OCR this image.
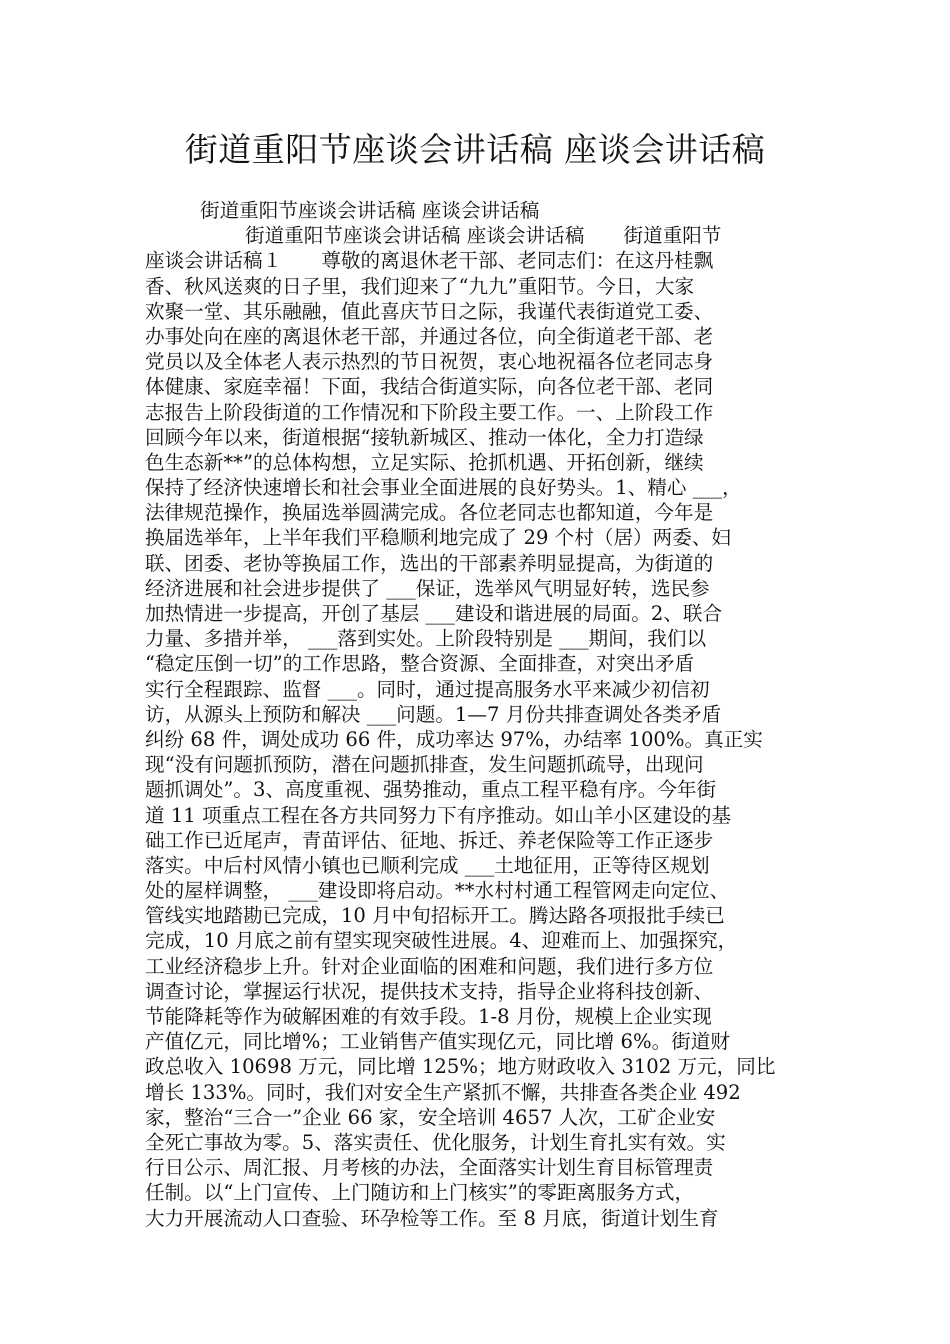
街道重阳节座谈会讲话稿 座谈会讲话稿
街道重阳节座谈会讲话稿 座谈会讲话稿
街道重阳节座谈会讲话稿 座谈会讲话稿　　街道重阳节
座谈会讲话稿１　　尊敬的离退休老干部、老同志们：在这丹桂飘
香、秋风送爽的日子里，我们迎来了“九九”重阳节。今日，大家
欢聚一堂、其乐融融，值此喜庆节日之际，我谨代表街道党工委、
办事处向在座的离退休老干部，并通过各位，向全街道老干部、老
党员以及全体老人表示热烈的节日祝贺，衷心地祝福各位老同志身
体健康、家庭幸福！下面，我结合街道实际，向各位老干部、老同
志报告上阶段街道的工作情况和下阶段主要工作。一、上阶段工作
回顾今年以来，街道根据“接轨新城区、推动一体化，全力打造绿
色生态新**”的总体构想，立足实际、抢抓机遇、开拓创新，继续
保持了经济快速增长和社会事业全面进展的良好势头。1、精心 ___，
法律规范操作，换届选举圆满完成。各位老同志也都知道，今年是
换届选举年，上半年我们平稳顺利地完成了 29 个村（居）两委、妇
联、团委、老协等换届工作，选出的干部素养明显提高，为街道的
经济进展和社会进步提供了 ___保证，选举风气明显好转，选民参
加热情进一步提高，开创了基层 ___建设和谐进展的局面。2、联合
力量、多措并举， ___落到实处。上阶段特别是 ___期间，我们以
“稳定压倒一切”的工作思路，整合资源、全面排查，对突出矛盾
实行全程跟踪、监督 ___。同时，通过提高服务水平来减少初信初
访，从源头上预防和解决 ___问题。1—7 月份共排查调处各类矛盾
纠纷 68 件，调处成功 66 件，成功率达 97%，办结率 100%。真正实
现“没有问题抓预防，潜在问题抓排查，发生问题抓疏导，出现问
题抓调处”。3、高度重视、强势推动，重点工程平稳有序。今年街
道 11 项重点工程在各方共同努力下有序推动。如山羊小区建设的基
础工作已近尾声，青苗评估、征地、拆迁、养老保险等工作正逐步
落实。中后村风情小镇也已顺利完成 ___土地征用，正等待区规划
处的屋样调整， ___建设即将启动。**水村村通工程管网走向定位、
管线实地踏勘已完成，10 月中旬招标开工。腾达路各项报批手续已
完成，10 月底之前有望实现突破性进展。4、迎难而上、加强探究，
工业经济稳步上升。针对企业面临的困难和问题，我们进行多方位
调查讨论，掌握运行状况，提供技术支持，指导企业将科技创新、
节能降耗等作为破解困难的有效手段。1-8 月份，规模上企业实现
产值亿元，同比增%；工业销售产值实现亿元，同比增 6%。街道财
政总收入 10698 万元，同比增 125%；地方财政收入 3102 万元，同比
增长 133%。同时，我们对安全生产紧抓不懈，共排查各类企业 492
家，整治“三合一”企业 66 家，安全培训 4657 人次，工矿企业安
全死亡事故为零。5、落实责任、优化服务，计划生育扎实有效。实
行日公示、周汇报、月考核的办法，全面落实计划生育目标管理责
任制。以“上门宣传、上门随访和上门核实”的零距离服务方式，
大力开展流动人口查验、环孕检等工作。至 8 月底，街道计划生育
